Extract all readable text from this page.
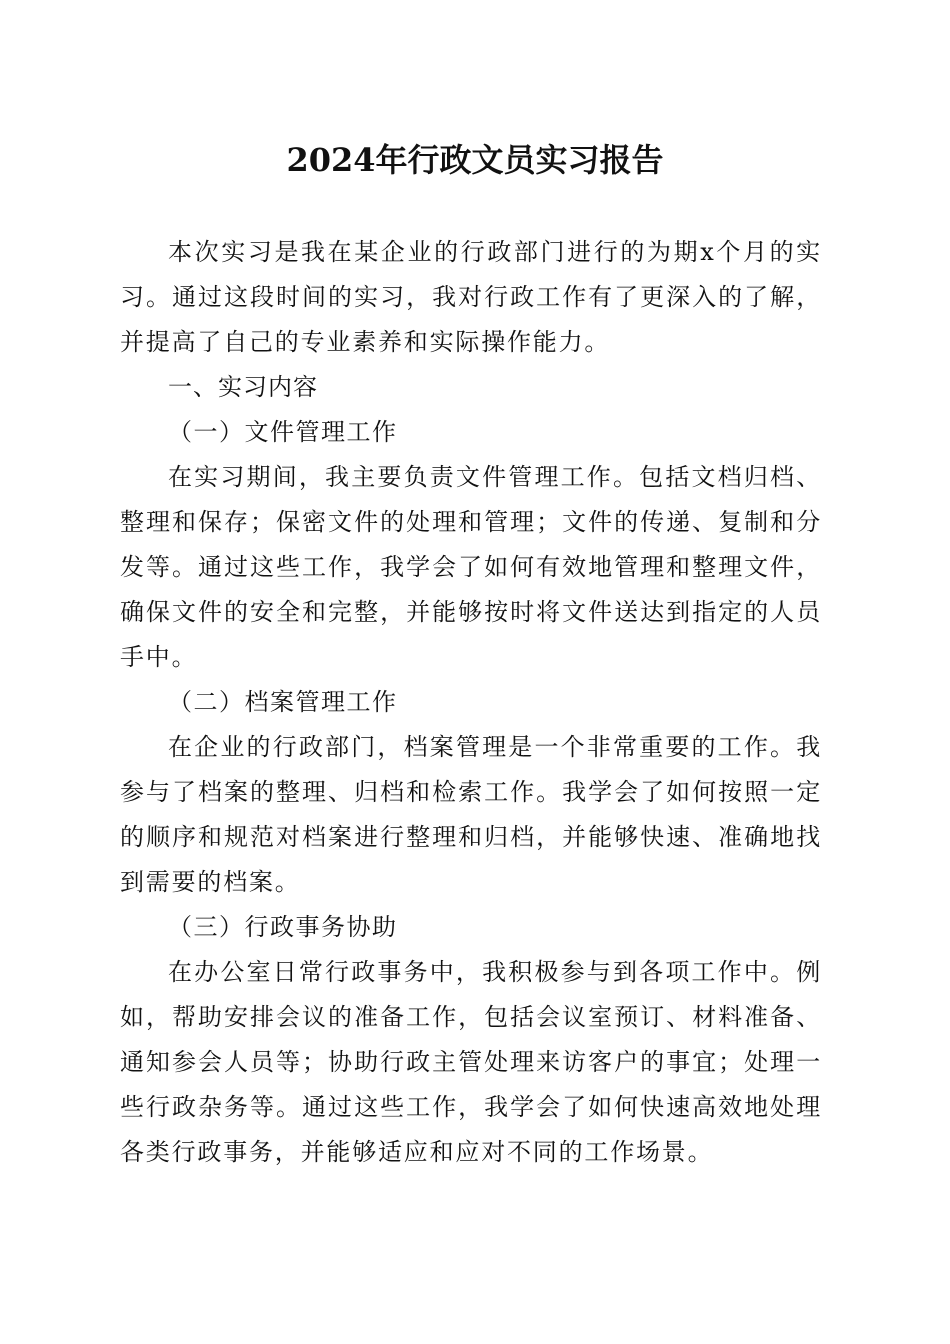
2024年行政文员实习报告

本次实习是我在某企业的行政部门进行的为期x个月的实习。通过这段时间的实习，我对行政工作有了更深入的了解，并提高了自己的专业素养和实际操作能力。

一、实习内容

（一）文件管理工作

在实习期间，我主要负责文件管理工作。包括文档归档、整理和保存；保密文件的处理和管理；文件的传递、复制和分发等。通过这些工作，我学会了如何有效地管理和整理文件，确保文件的安全和完整，并能够按时将文件送达到指定的人员手中。

（二）档案管理工作

在企业的行政部门，档案管理是一个非常重要的工作。我参与了档案的整理、归档和检索工作。我学会了如何按照一定的顺序和规范对档案进行整理和归档，并能够快速、准确地找到需要的档案。

（三）行政事务协助

在办公室日常行政事务中，我积极参与到各项工作中。例如，帮助安排会议的准备工作，包括会议室预订、材料准备、通知参会人员等；协助行政主管处理来访客户的事宜；处理一些行政杂务等。通过这些工作，我学会了如何快速高效地处理各类行政事务，并能够适应和应对不同的工作场景。
